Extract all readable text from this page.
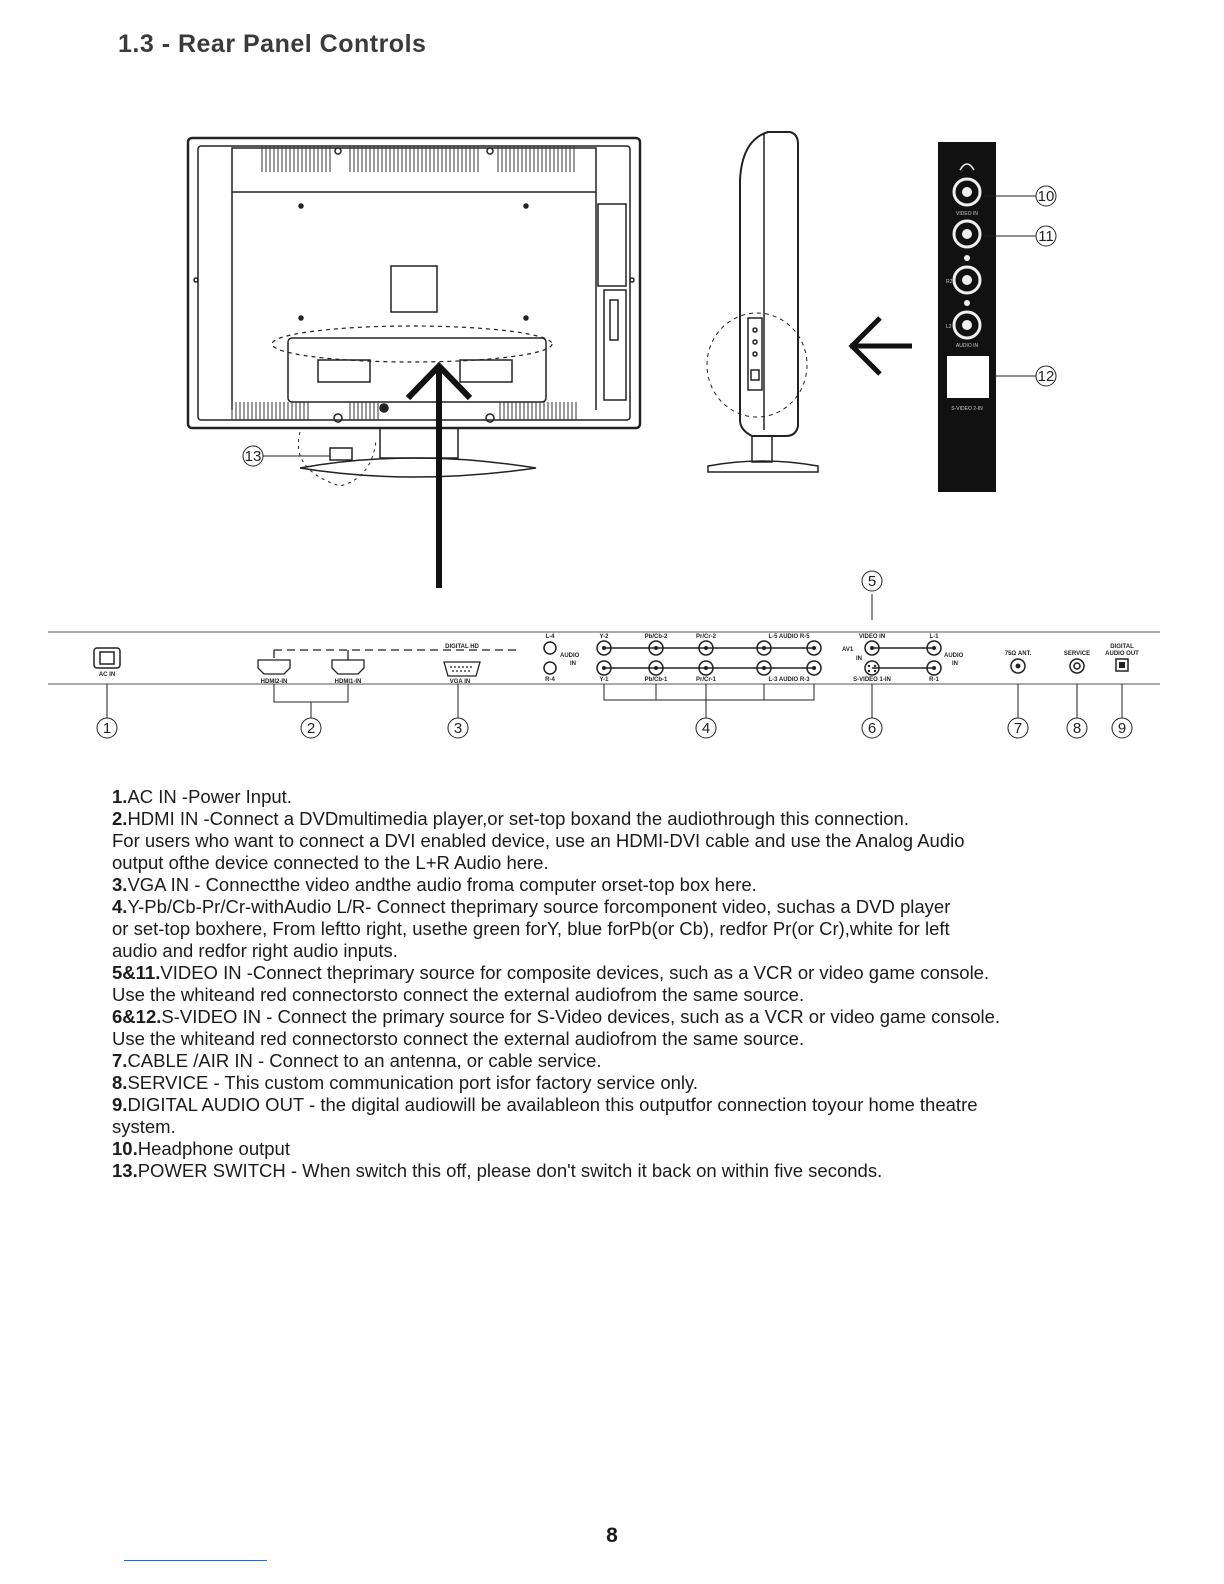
1.3 - Rear Panel Controls
13
VIDEO IN
R2
L2
AUDIO IN
S-VIDEO 2-IN
10
11
12
AC IN
HDMI2-IN	HDMI1-IN
DIGITAL HD
VGA IN
L-4
R-4
AUDIO
IN
Y-2	Pb/Cb-2	Pr/Cr-2	L-5 AUDIO R-5
Y-1	Pb/Cb-1	Pr/Cr-1	L-3 AUDIO R-3
VIDEO IN
AV1
IN
S-VIDEO 1-IN
L-1
R-1
AUDIO
IN
75Ω ANT.	SERVICE
DIGITAL
AUDIO OUT
1	2	3	4
5
6	7	8 9

1.AC IN -Power Input.

2.HDMI IN -Connect a DVDmultimedia player,or set-top boxand the audiothrough this connection.

For users who want to connect a DVI enabled device, use an HDMI-DVI cable and use the Analog Audio

output ofthe device connected to the L+R Audio here.

3.VGA IN - Connectthe video andthe audio froma computer orset-top box here.

4.Y-Pb/Cb-Pr/Cr-withAudio L/R- Connect theprimary source forcomponent video, suchas a DVD player

or set-top boxhere, From leftto right, usethe green forY, blue forPb(or Cb), redfor Pr(or Cr),white for left

audio and redfor right audio inputs.

5&11.VIDEO IN -Connect theprimary source for composite devices, such as a VCR or video game console.

Use the whiteand red connectorsto connect the external audiofrom the same source.

6&12.S-VIDEO IN - Connect the primary source for S-Video devices, such as a VCR or video game console.

Use the whiteand red connectorsto connect the external audiofrom the same source.

7.CABLE /AIR IN - Connect to an antenna, or cable service.

8.SERVICE - This custom communication port isfor factory service only.

9.DIGITAL AUDIO OUT - the digital audiowill be availableon this outputfor connection toyour home theatre

system.

10.Headphone output

13.POWER SWITCH - When switch this off, please don't switch it back on within five seconds.

8
